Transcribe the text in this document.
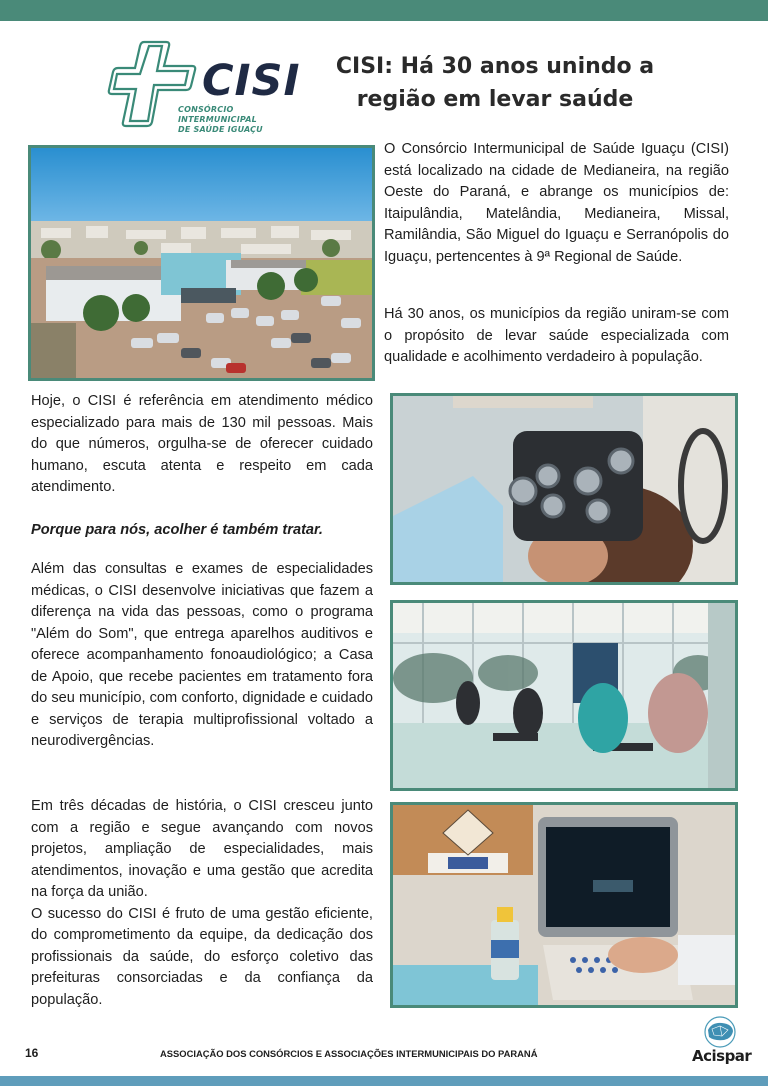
CISI
CONSÓRCIO INTERMUNICIPAL
DE SAÚDE IGUAÇU
CISI: Há 30 anos unindo a
região em levar saúde
O Consórcio Intermunicipal de Saúde Iguaçu (CISI) está localizado na cidade de Medianeira, na região Oeste do Paraná, e abrange os municípios de: Itaipulândia, Matelândia, Medianeira, Missal, Ramilândia, São Miguel do Iguaçu e Serranópolis do Iguaçu, pertencentes à 9ª Regional de Saúde.
Há 30 anos, os municípios da região uniram-se com o propósito de levar saúde especializada com qualidade e acolhimento verdadeiro à população.

Hoje, o CISI é referência em atendimento médico especializado para mais de 130 mil pessoas. Mais do que números, orgulha-se de oferecer cuidado humano, escuta atenta e respeito em cada atendimento.

Porque para nós, acolher é também tratar.

Além das consultas e exames de especialidades médicas, o CISI desenvolve iniciativas que fazem a diferença na vida das pessoas, como o programa "Além do Som", que entrega aparelhos auditivos e oferece acompanhamento fonoaudiológico; a Casa de Apoio, que recebe pacientes em tratamento fora do seu município, com conforto, dignidade e cuidado e serviços de terapia multiprofissional voltado a neurodivergências.

Em três décadas de história, o CISI cresceu junto com a região e segue avançando com novos projetos, ampliação de especialidades, mais atendimentos, inovação e uma gestão que acredita na força da união.

O sucesso do CISI é fruto de uma gestão eficiente, do comprometimento da equipe, da dedicação dos profissionais da saúde, do esforço coletivo das prefeituras consorciadas e da confiança da população.

16	ASSOCIAÇÃO DOS CONSÓRCIOS E ASSOCIAÇÕES INTERMUNICIPAIS DO PARANÁ	Acispar
